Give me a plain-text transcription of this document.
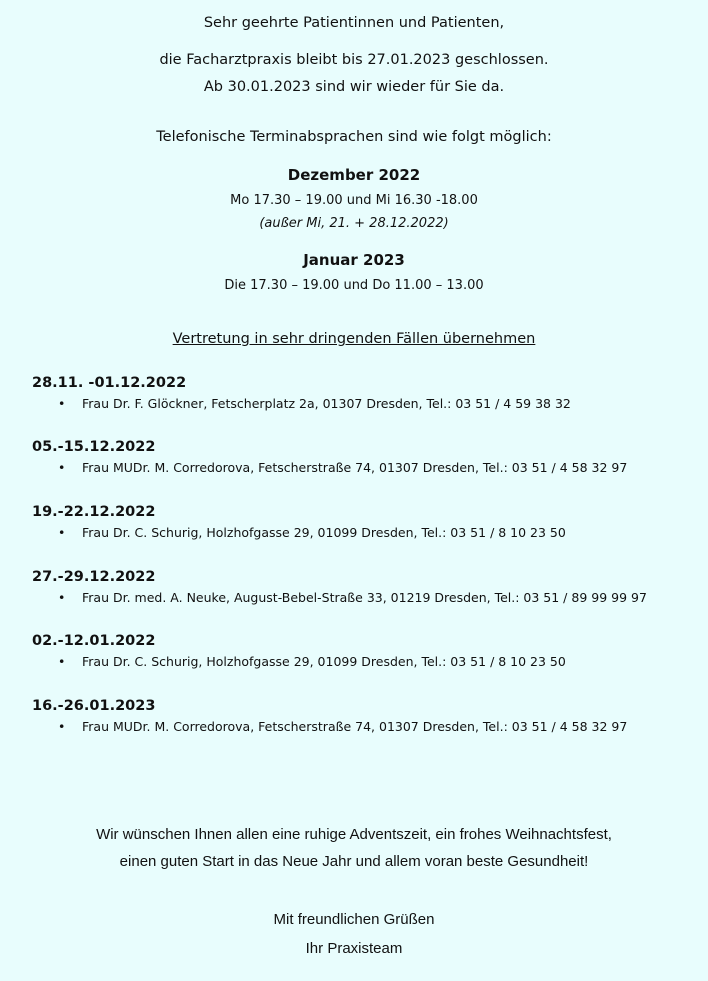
Sehr geehrte Patientinnen und Patienten,
die Facharztpraxis bleibt bis 27.01.2023 geschlossen.
Ab 30.01.2023 sind wir wieder für Sie da.
Telefonische Terminabsprachen sind wie folgt möglich:
Dezember 2022
Mo 17.30 – 19.00 und Mi 16.30 -18.00
(außer Mi, 21. + 28.12.2022)
Januar 2023
Die 17.30 – 19.00 und Do 11.00 – 13.00
Vertretung in sehr dringenden Fällen übernehmen
28.11. -01.12.2022
• Frau Dr. F. Glöckner, Fetscherplatz 2a, 01307 Dresden, Tel.: 03 51 / 4 59 38 32
05.-15.12.2022
• Frau MUDr. M. Corredorova, Fetscherstraße 74, 01307 Dresden, Tel.: 03 51 / 4 58 32 97
19.-22.12.2022
• Frau Dr. C. Schurig, Holzhofgasse 29, 01099 Dresden, Tel.: 03 51 / 8 10 23 50
27.-29.12.2022
• Frau Dr. med. A. Neuke, August-Bebel-Straße 33, 01219 Dresden, Tel.: 03 51 / 89 99 99 97
02.-12.01.2022
• Frau Dr. C. Schurig, Holzhofgasse 29, 01099 Dresden, Tel.: 03 51 / 8 10 23 50
16.-26.01.2023
• Frau MUDr. M. Corredorova, Fetscherstraße 74, 01307 Dresden, Tel.: 03 51 / 4 58 32 97
Wir wünschen Ihnen allen eine ruhige Adventszeit, ein frohes Weihnachtsfest,
einen guten Start in das Neue Jahr und allem voran beste Gesundheit!
Mit freundlichen Grüßen
Ihr Praxisteam
